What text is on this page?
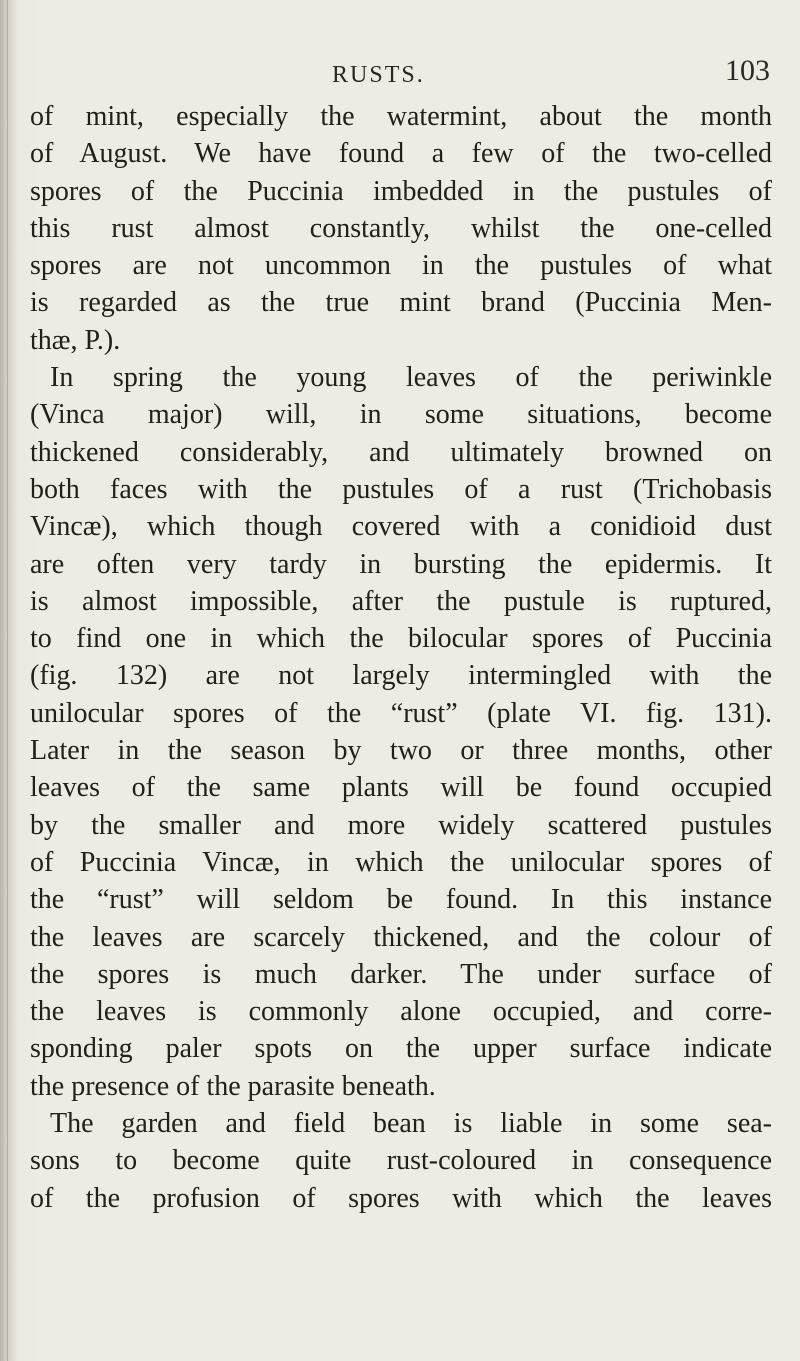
RUSTS.	103
of mint, especially the watermint, about the month
of August. We have found a few of the two-celled
spores of the Puccinia imbedded in the pustules of
this rust almost constantly, whilst the one-celled
spores are not uncommon in the pustules of what
is regarded as the true mint brand (Puccinia Men-
thæ, P.).
In spring the young leaves of the periwinkle
(Vinca major) will, in some situations, become
thickened considerably, and ultimately browned on
both faces with the pustules of a rust (Trichobasis
Vincæ), which though covered with a conidioid dust
are often very tardy in bursting the epidermis. It
is almost impossible, after the pustule is ruptured,
to find one in which the bilocular spores of Puccinia
(fig. 132) are not largely intermingled with the
unilocular spores of the “rust” (plate VI. fig. 131).
Later in the season by two or three months, other
leaves of the same plants will be found occupied
by the smaller and more widely scattered pustules
of Puccinia Vincæ, in which the unilocular spores of
the “rust” will seldom be found. In this instance
the leaves are scarcely thickened, and the colour of
the spores is much darker. The under surface of
the leaves is commonly alone occupied, and corre-
sponding paler spots on the upper surface indicate
the presence of the parasite beneath.
The garden and field bean is liable in some sea-
sons to become quite rust-coloured in consequence
of the profusion of spores with which the leaves
